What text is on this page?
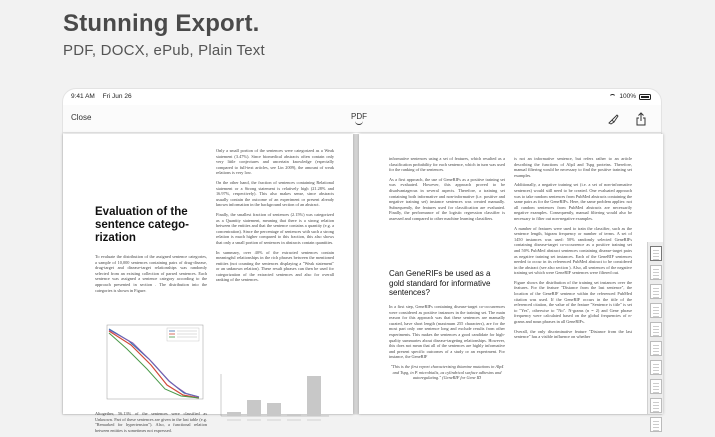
Stunning Export.
PDF, DOCX, ePub, Plain Text
9:41 AM Fri Jun 26	100%
Close	PDF
Evaluation of the sentence catego-rization

To evaluate the distribution of the assigned sentence categories, a sample of 10,000 sentences containing pairs of drug-disease, drug-target and disease-target relationships was randomly selected from an existing collection of parsed sentences. Each sentence was assigned a sentence category according to the approach presented in section . The distribution into the categories is shown in Figure.

Altogether, 56.13% of the sentences were classified as Unknown. Part of these sentences are given in the last table (e.g. "Remarked for hypertension"). Also, a functional relation between entities is sometimes not expressed.

Only a small portion of the sentences were categorized as a Weak statement (3.47%). Since biomedical abstracts often contain only very little conjectures and uncertain knowledge (especially compared to full-text articles, see Lin 2009), the amount of weak relations is very low.

On the other hand, the fraction of sentences containing Relational statement or a Strong statement is relatively high (21.28% and 16.97%, respectively). This also makes sense, since abstracts usually contain the outcome of an experiment or present already known information in the background section of an abstract.

Finally, the smallest fraction of sentences (2.15%) was categorized as a Quantity statement, meaning that there is a strong relation between the entities and that the sentence contains a quantity (e.g. a concentration). Since the percentage of sentences with such a strong relation is much higher compared to this fraction, this also shows that only a small portion of sentences in abstracts contain quantities.

In summary, over 40% of the extracted sentences contain meaningful relationships in the rich phrases between the mentioned entities (not counting the sentences displaying a "Weak statement" or an unknown relation). These result phrases can then be used for categorization of the extracted sentences and also for overall ranking of the sentences.

informative sentences using a set of features, which resulted as a classification probability for each sentence, which in turn was used for the ranking of the sentences.

As a first approach, the use of GeneRIFs as a positive training set was evaluated. However, this approach proved to be disadvantageous in several aspects. Therefore, a training set containing both informative and non-informative (i.e. positive and negative training set) instance sentences was created manually. Subsequently, the features used for classification are evaluated. Finally, the performance of the logistic regression classifier is assessed and compared to other machine learning classifiers.

Can GeneRIFs be used as a gold standard for informative sentences?

In a first step, GeneRIFs containing disease-target co-occurrences were considered as positive instances in the training set. The main reason for this approach was that these sentences are manually curated, have short length (maximum 255 characters), are for the most part only one sentence long and exclude results from other experiments. This makes the sentences a good candidate for high-quality summaries about disease-targeting relationships. However, this does not mean that all of the sentences are highly informative and present specific outcomes of a study or an experiment. For instance, the GeneRIF

"This is the first report characterizing thiamine mutations in Alp4 and Tspg, in P. microbialis, as cylindrical surface adhesins and autoregulating." (GeneRIF for Gene ID

is not an informative sentence, but refers rather to an article describing the functions of Alp4 and Tspg proteins. Therefore, manual filtering would be necessary to find the positive training set examples.

Additionally, a negative training set (i.e. a set of non-informative sentences) would still need to be created. One evaluated approach was to take random sentences from PubMed abstracts containing the same pairs as for the GeneRIFs. Here, the same problem applies: not all random sentences from PubMed abstracts are necessarily negative examples. Consequently, manual filtering would also be necessary to filter out non-negative examples.

A number of features were used to train the classifier, such as the sentence length, bigram frequency or number of terms. A set of 1450 instances was used: 50% randomly selected GeneRIFs containing disease-target co-occurrence as a positive training set and 50% PubMed abstract sentences containing disease-target pairs as negative training set instances. Each of the GeneRIF sentences needed to occur in its referenced PubMed abstract to be considered in the abstract (see also section ). Also, all sentences of the negative training set which were GeneRIF sentences were filtered out.

Figure shows the distribution of the training set instances over the features. For the feature "Distance from the last sentence", the location of the GeneRIF sentence within the referenced PubMed citation was used. If the GeneRIF occurs in the title of the referenced citation, the value of the feature "Sentence is title" is set to "Yes", otherwise to "No". N-grams (n = 2) and Gene phrase frequency were calculated based on the global frequencies of n-grams and noun phrases in all GeneRIFs.

Overall, the only discriminative feature "Distance from the last sentence" has a visible influence on whether
